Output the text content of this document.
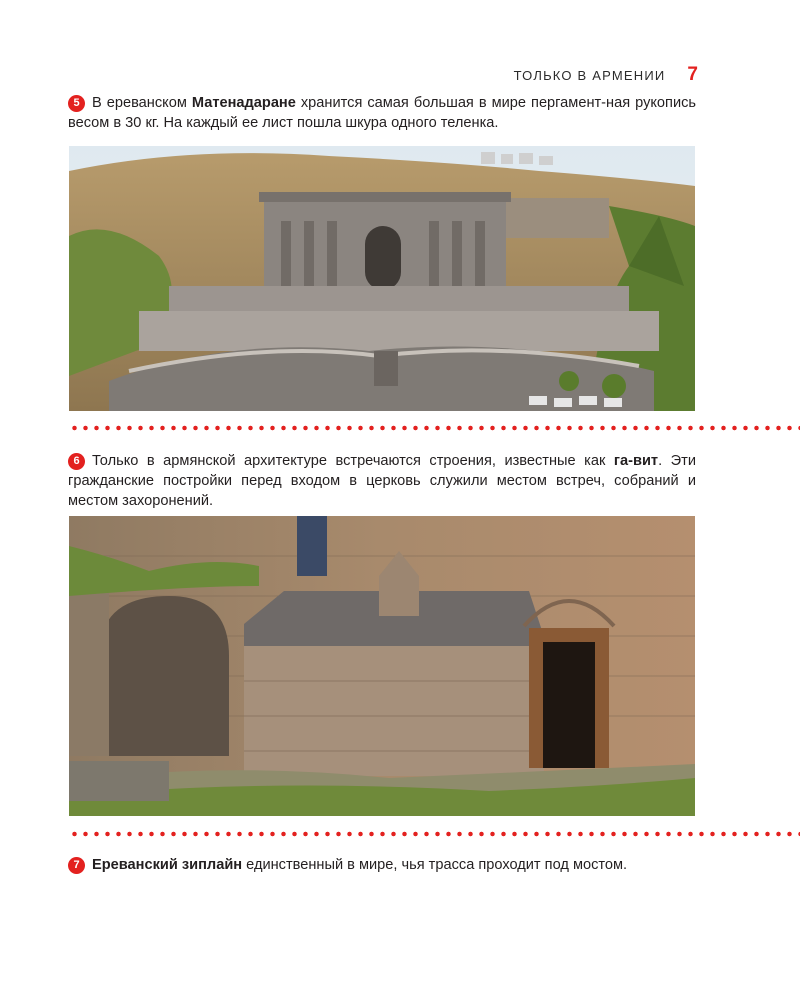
ТОЛЬКО В АРМЕНИИ 7

5 В ереванском Матенадаране хранится самая большая в мире пергамент-ная рукопись весом в 30 кг. На каждый ее лист пошла шкура одного теленка.

6 Только в армянской архитектуре встречаются строения, известные как га-вит. Эти гражданские постройки перед входом в церковь служили местом встреч, собраний и местом захоронений.

7 Ереванский зиплайн единственный в мире, чья трасса проходит под мостом.
